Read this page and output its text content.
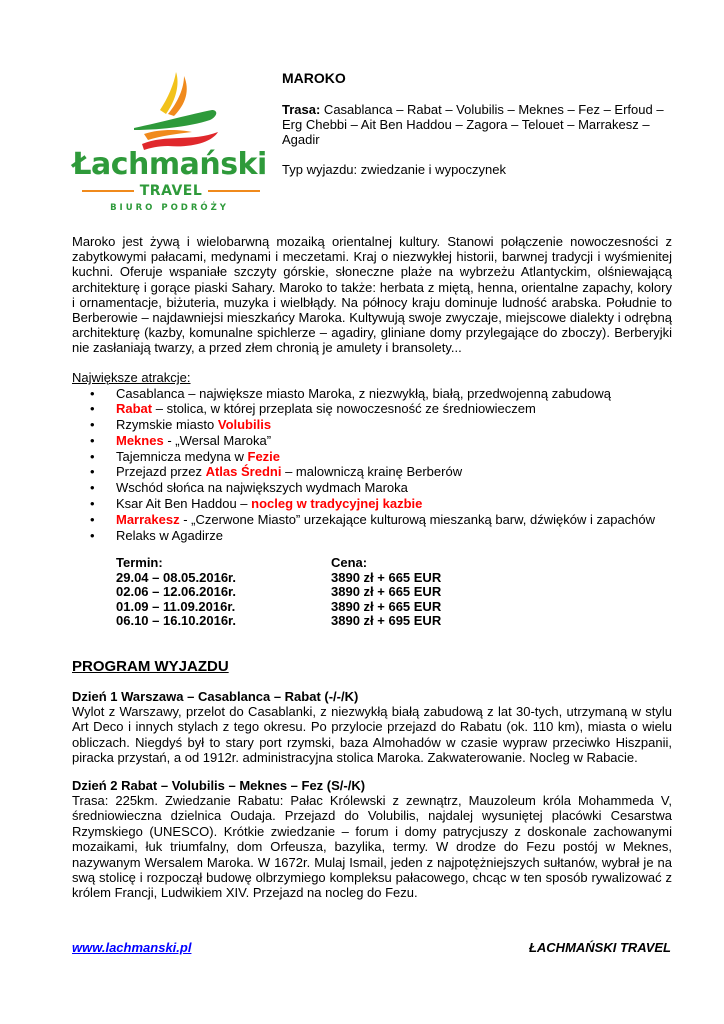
Łachmański
TRAVEL
BIURO PODRÓŻY
MAROKO

Trasa: Casablanca – Rabat – Volubilis – Meknes – Fez – Erfoud – Erg Chebbi – Ait Ben Haddou – Zagora – Telouet – Marrakesz – Agadir

Typ wyjazdu: zwiedzanie i wypoczynek

Maroko jest żywą i wielobarwną mozaiką orientalnej kultury. Stanowi połączenie nowoczesności z zabytkowymi pałacami, medynami i meczetami. Kraj o niezwykłej historii, barwnej tradycji i wyśmienitej kuchni. Oferuje wspaniałe szczyty górskie, słoneczne plaże na wybrzeżu Atlantyckim, olśniewającą architekturę i gorące piaski Sahary. Maroko to także: herbata z miętą, henna, orientalne zapachy, kolory i ornamentacje, biżuteria, muzyka i wielbłądy. Na północy kraju dominuje ludność arabska. Południe to Berberowie – najdawniejsi mieszkańcy Maroka. Kultywują swoje zwyczaje, miejscowe dialekty i odrębną architekturę (kazby, komunalne spichlerze – agadiry, gliniane domy przylegające do zboczy). Berberyjki nie zasłaniają twarzy, a przed złem chronią je amulety i bransolety...

Największe atrakcje:

• Casablanca – największe miasto Maroka, z niezwykłą, białą, przedwojenną zabudową
• Rabat – stolica, w której przeplata się nowoczesność ze średniowieczem
• Rzymskie miasto Volubilis
• Meknes - „Wersal Maroka”
• Tajemnicza medyna w Fezie
• Przejazd przez Atlas Średni – malowniczą krainę Berberów
• Wschód słońca na największych wydmach Maroka
• Ksar Ait Ben Haddou – nocleg w tradycyjnej kazbie
• Marrakesz - „Czerwone Miasto” urzekające kulturową mieszanką barw, dźwięków i zapachów
• Relaks w Agadirze
Termin:	Cena:
29.04 – 08.05.2016r.	3890 zł + 665 EUR
02.06 – 12.06.2016r.	3890 zł + 665 EUR
01.09 – 11.09.2016r.	3890 zł + 665 EUR
06.10 – 16.10.2016r.	3890 zł + 695 EUR
PROGRAM WYJAZDU
Dzień 1 Warszawa – Casablanca – Rabat (-/-/K)

Wylot z Warszawy, przelot do Casablanki, z niezwykłą białą zabudową z lat 30-tych, utrzymaną w stylu Art Deco i innych stylach z tego okresu. Po przylocie przejazd do Rabatu (ok. 110 km), miasta o wielu obliczach. Niegdyś był to stary port rzymski, baza Almohadów w czasie wypraw przeciwko Hiszpanii, piracka przystań, a od 1912r. administracyjna stolica Maroka. Zakwaterowanie. Nocleg w Rabacie.

Dzień 2 Rabat – Volubilis – Meknes – Fez (S/-/K)

Trasa: 225km. Zwiedzanie Rabatu: Pałac Królewski z zewnątrz, Mauzoleum króla Mohammeda V, średniowieczna dzielnica Oudaja. Przejazd do Volubilis, najdalej wysuniętej placówki Cesarstwa Rzymskiego (UNESCO). Krótkie zwiedzanie – forum i domy patrycjuszy z doskonale zachowanymi mozaikami, łuk triumfalny, dom Orfeusza, bazylika, termy. W drodze do Fezu postój w Meknes, nazywanym Wersalem Maroka. W 1672r. Mulaj Ismail, jeden z najpotężniejszych sułtanów, wybrał je na swą stolicę i rozpoczął budowę olbrzymiego kompleksu pałacowego, chcąc w ten sposób rywalizować z królem Francji, Ludwikiem XIV. Przejazd na nocleg do Fezu.

www.lachmanski.pl	ŁACHMAŃSKI TRAVEL
